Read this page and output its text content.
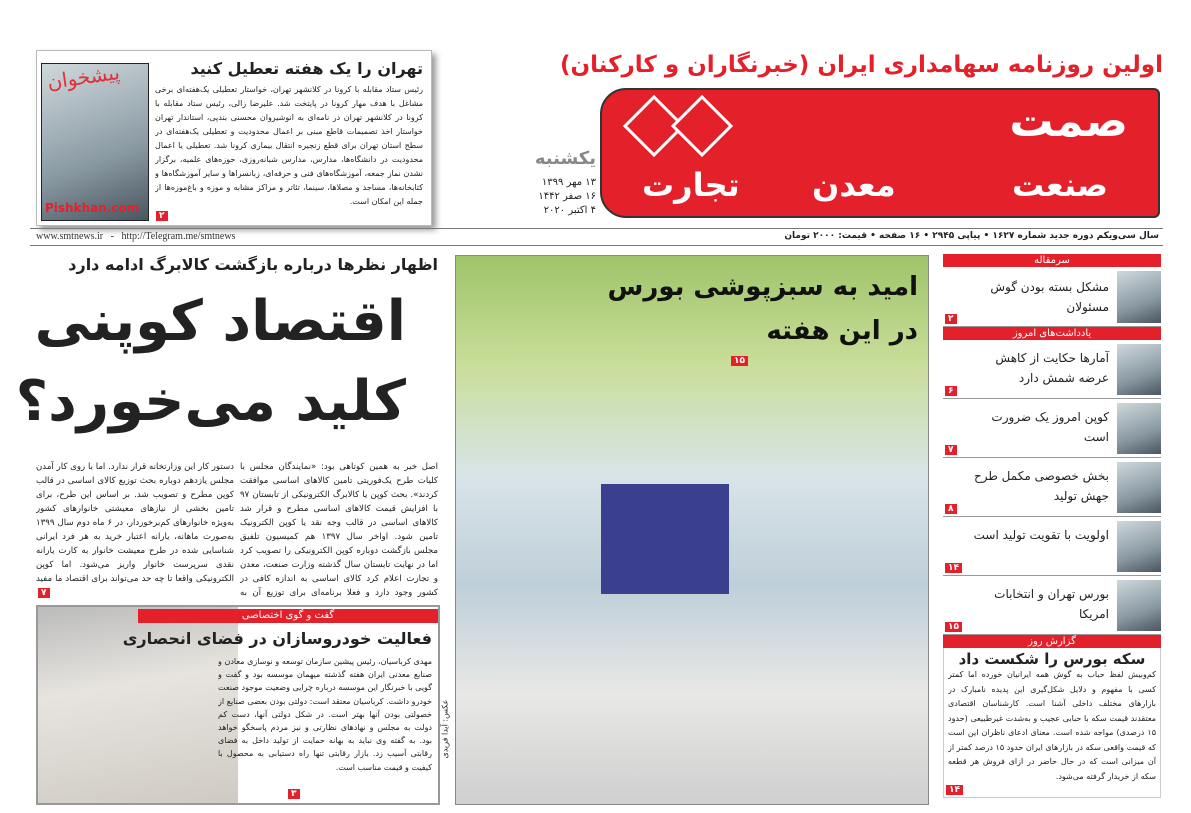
پیشخوان
Pishkhan.com
تهران را یک هفته تعطیل کنید
رئیس ستاد مقابله با کرونا در کلانشهر تهران، خواستار تعطیلی یک‌هفته‌ای برخی مشاغل با هدف مهار کرونا در پایتخت شد. علیرضا زالی، رئیس ستاد مقابله با کرونا در کلانشهر تهران در نامه‌ای به انوشیروان محسنی بندپی، استاندار تهران خواستار اخذ تصمیمات قاطع مبنی بر اعمال محدودیت و تعطیلی یک‌هفته‌ای در سطح استان تهران برای قطع زنجیره انتقال بیماری کرونا شد. تعطیلی یا اعمال محدودیت در دانشگاه‌ها، مدارس، مدارس شبانه‌روزی، حوزه‌های علمیه، برگزار نشدن نماز جمعه، آموزشگاه‌های فنی و حرفه‌ای، زبانسراها و سایر آموزشگاه‌ها و کتابخانه‌ها، مساجد و مصلاها، سینما، تئاتر و مراکز مشابه و موزه و باغ‌موزه‌ها از جمله این امکان است.
۲
اولین روزنامه سهامداری ایران (خبرنگاران و کارکنان)
صمت
تجارت معدن	صنعت
یکشنبه
۱۳ مهر ۱۳۹۹
۱۶ صفر ۱۴۴۲
۴ اکتبر ۲۰۲۰
www.smtnews.ir   -   http://Telegram.me/smtnews	سال سی‌ویکم دوره جدید شماره ۱۶۲۷ • پیاپی ۲۹۴۵ • ۱۶ صفحه • قیمت: ۲۰۰۰ تومان
اظهار نظرها درباره بازگشت کالابرگ ادامه دارد
اقتصاد کوپنی
کلید می‌خورد؟
اصل خبر به همین کوتاهی بود: «نمایندگان مجلس با کلیات طرح یک‌فوریتی تامین کالاهای اساسی موافقت کردند». بحث کوپن یا کالابرگ الکترونیکی از تابستان ۹۷ با افزایش قیمت کالاهای اساسی مطرح و قرار شد کالاهای اساسی در قالب وجه نقد یا کوپن الکترونیک تامین شود. اواخر سال ۱۳۹۷ هم کمیسیون تلفیق مجلس بازگشت دوباره کوپن الکترونیکی را تصویب کرد اما در نهایت تابستان سال گذشته وزارت صنعت، معدن و تجارت اعلام کرد کالای اساسی به اندازه کافی در کشور وجود دارد و فعلا برنامه‌ای برای توزیع آن به
دستور کار این وزارتخانه قرار ندارد. اما با روی کار آمدن مجلس یازدهم دوباره بحث توزیع کالای اساسی در قالب کوپن مطرح و تصویب شد. بر اساس این طرح، برای تامین بخشی از نیازهای معیشتی خانوارهای کشور به‌ویژه خانوارهای کم‌برخوردار، در ۶ ماه دوم سال ۱۳۹۹ به‌صورت ماهانه، یارانه اعتبار خرید به هر فرد ایرانی شناسایی شده در طرح معیشت خانوار به کارت یارانه نقدی سرپرست خانوار واریز می‌شود. اما کوپن الکترونیکی واقعا تا چه حد می‌تواند برای اقتصاد ما مفید
۷
گفت و گوی اختصاصی
فعالیت خودروسازان در فضای انحصاری
مهدی کرباسیان، رئیس پیشین سازمان توسعه و نوسازی معادن و صنایع معدنی ایران هفته گذشته میهمان موسسه بود و گفت و گویی با خبرنگار این موسسه درباره چرایی وضعیت موجود صنعت خودرو داشت. کرباسیان معتقد است: دولتی بودن بعضی صنایع از خصولتی بودن آنها بهتر است. در شکل دولتی آنها، دست کم دولت به مجلس و نهادهای نظارتی و نیز مردم پاسخگو خواهد بود. به گفته وی نباید به بهانه حمایت از تولید داخل به فضای رقابتی آسیب زد. بازار رقابتی تنها راه دستیابی به محصول با کیفیت و قیمت مناسب است.
۳
عکس: آیدا فریدی
امید به سبزپوشی بورس
در این هفته
۱۵
سرمقاله
مشکل بسته بودن گوش مسئولان
۲
یادداشت‌های امروز
آمارها حکایت از کاهش عرضه شمش دارد
۶
کوپن امروز یک ضرورت است
۷
بخش خصوصی مکمل طرح جهش تولید
۸
اولویت با تقویت تولید است
۱۴
بورس تهران و انتخابات امریکا
۱۵
گزارش روز
سکه بورس را شکست داد
کم‌وبیش لفظ حباب به گوش همه ایرانیان خورده اما کمتر کسی با مفهوم و دلایل شکل‌گیری این پدیده نامبارک در بازارهای مختلف داخلی آشنا است. کارشناسان اقتصادی معتقدند قیمت سکه با حبابی عجیب و به‌شدت غیرطبیعی (حدود ۱۵ درصدی) مواجه شده است. معنای ادعای ناظران این است که قیمت واقعی سکه در بازارهای ایران حدود ۱۵ درصد کمتر از آن میزانی است که در حال حاضر در ازای فروش هر قطعه سکه از خریدار گرفته می‌شود.
۱۴
